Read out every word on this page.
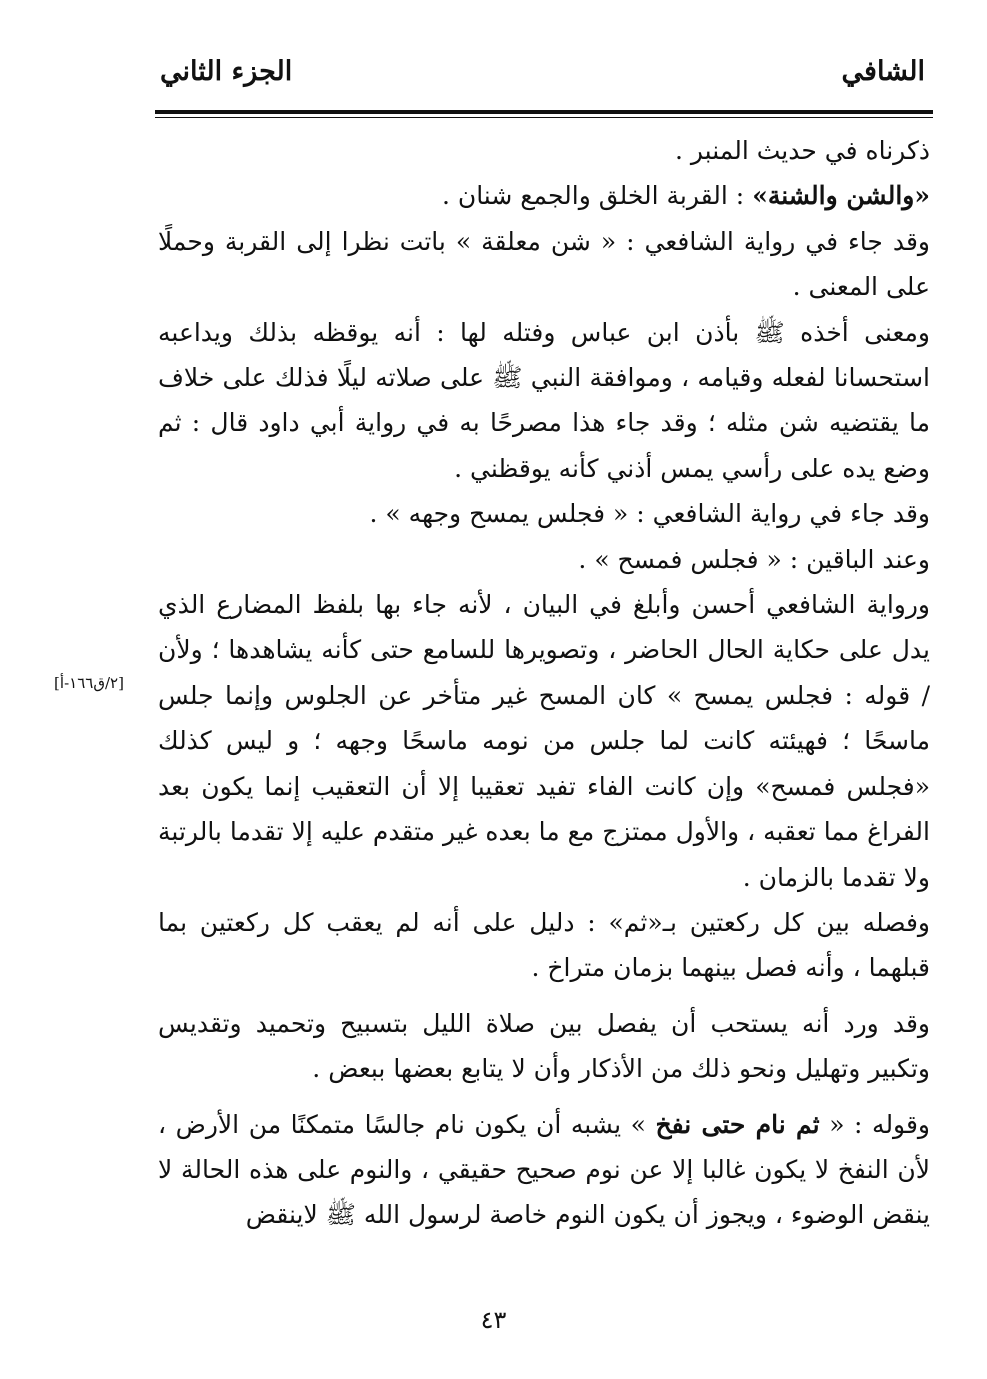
الشافي
الجزء الثاني

ذكرناه في حديث المنبر .

«والشن والشنة» : القربة الخلق والجمع شنان .

وقد جاء في رواية الشافعي : « شن معلقة » باتت نظرا إلى القربة وحملًا على المعنى .

ومعنى أخذه ﷺ بأذن ابن عباس وفتله لها : أنه يوقظه بذلك ويداعبه استحسانا لفعله وقيامه ، وموافقة النبي ﷺ على صلاته ليلًا فذلك على خلاف ما يقتضيه شن مثله ؛ وقد جاء هذا مصرحًا به في رواية أبي داود قال : ثم وضع يده على رأسي يمس أذني كأنه يوقظني .

وقد جاء في رواية الشافعي : « فجلس يمسح وجهه » .

وعند الباقين : « فجلس فمسح » .

ورواية الشافعي أحسن وأبلغ في البيان ، لأنه جاء بها بلفظ المضارع الذي يدل على حكاية الحال الحاضر ، وتصويرها للسامع حتى كأنه يشاهدها ؛ ولأن / قوله : فجلس يمسح » كان المسح غير متأخر عن الجلوس وإنما جلس ماسحًا ؛ فهيئته كانت لما جلس من نومه ماسحًا وجهه ؛ و ليس كذلك «فجلس فمسح» وإن كانت الفاء تفيد تعقيبا إلا أن التعقيب إنما يكون بعد الفراغ مما تعقبه ، والأول ممتزج مع ما بعده غير متقدم عليه إلا تقدما بالرتبة ولا تقدما بالزمان .

وفصله بين كل ركعتين بـ«ثم» : دليل على أنه لم يعقب كل ركعتين بما قبلهما ، وأنه فصل بينهما بزمان متراخ .

وقد ورد أنه يستحب أن يفصل بين صلاة الليل بتسبيح وتحميد وتقديس وتكبير وتهليل ونحو ذلك من الأذكار وأن لا يتابع بعضها ببعض .

وقوله : « ثم نام حتى نفخ » يشبه أن يكون نام جالسًا متمكنًا من الأرض ، لأن النفخ لا يكون غالبا إلا عن نوم صحيح حقيقي ، والنوم على هذه الحالة لا ينقض الوضوء ، ويجوز أن يكون النوم خاصة لرسول الله ﷺ لاينقض

[٢/ق١٦٦-أ]
٤٣
